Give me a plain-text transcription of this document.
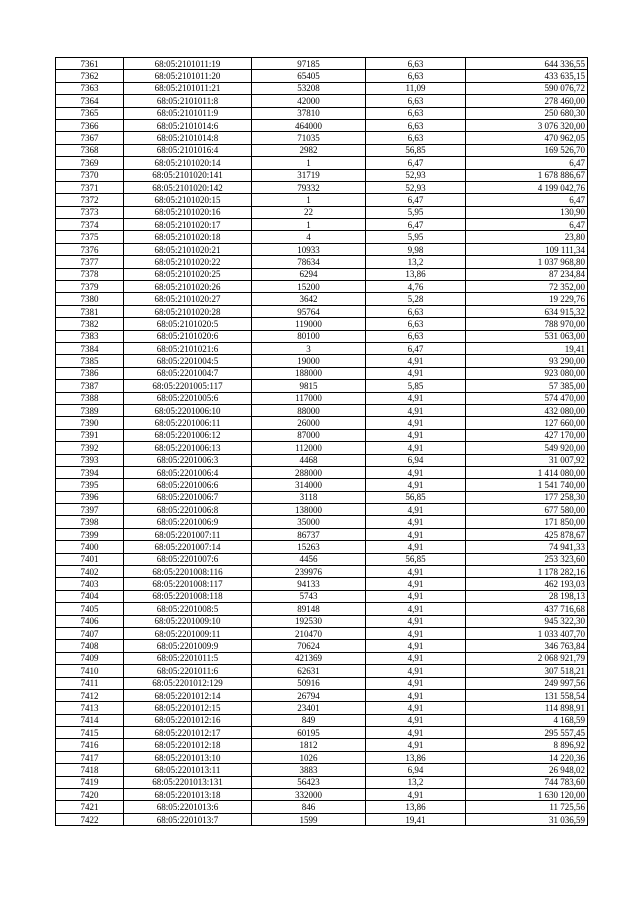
7361	68:05:2101011:19	97185	6,63	644 336,55
7362	68:05:2101011:20	65405	6,63	433 635,15
7363	68:05:2101011:21	53208	11,09	590 076,72
7364	68:05:2101011:8	42000	6,63	278 460,00
7365	68:05:2101011:9	37810	6,63	250 680,30
7366	68:05:2101014:6	464000	6,63	3 076 320,00
7367	68:05:2101014:8	71035	6,63	470 962,05
7368	68:05:2101016:4	2982	56,85	169 526,70
7369	68:05:2101020:14	1	6,47	6,47
7370	68:05:2101020:141	31719	52,93	1 678 886,67
7371	68:05:2101020:142	79332	52,93	4 199 042,76
7372	68:05:2101020:15	1	6,47	6,47
7373	68:05:2101020:16	22	5,95	130,90
7374	68:05:2101020:17	1	6,47	6,47
7375	68:05:2101020:18	4	5,95	23,80
7376	68:05:2101020:21	10933	9,98	109 111,34
7377	68:05:2101020:22	78634	13,2	1 037 968,80
7378	68:05:2101020:25	6294	13,86	87 234,84
7379	68:05:2101020:26	15200	4,76	72 352,00
7380	68:05:2101020:27	3642	5,28	19 229,76
7381	68:05:2101020:28	95764	6,63	634 915,32
7382	68:05:2101020:5	119000	6,63	788 970,00
7383	68:05:2101020:6	80100	6,63	531 063,00
7384	68:05:2101021:6	3	6,47	19,41
7385	68:05:2201004:5	19000	4,91	93 290,00
7386	68:05:2201004:7	188000	4,91	923 080,00
7387	68:05:2201005:117	9815	5,85	57 385,00
7388	68:05:2201005:6	117000	4,91	574 470,00
7389	68:05:2201006:10	88000	4,91	432 080,00
7390	68:05:2201006:11	26000	4,91	127 660,00
7391	68:05:2201006:12	87000	4,91	427 170,00
7392	68:05:2201006:13	112000	4,91	549 920,00
7393	68:05:2201006:3	4468	6,94	31 007,92
7394	68:05:2201006:4	288000	4,91	1 414 080,00
7395	68:05:2201006:6	314000	4,91	1 541 740,00
7396	68:05:2201006:7	3118	56,85	177 258,30
7397	68:05:2201006:8	138000	4,91	677 580,00
7398	68:05:2201006:9	35000	4,91	171 850,00
7399	68:05:2201007:11	86737	4,91	425 878,67
7400	68:05:2201007:14	15263	4,91	74 941,33
7401	68:05:2201007:6	4456	56,85	253 323,60
7402	68:05:2201008:116	239976	4,91	1 178 282,16
7403	68:05:2201008:117	94133	4,91	462 193,03
7404	68:05:2201008:118	5743	4,91	28 198,13
7405	68:05:2201008:5	89148	4,91	437 716,68
7406	68:05:2201009:10	192530	4,91	945 322,30
7407	68:05:2201009:11	210470	4,91	1 033 407,70
7408	68:05:2201009:9	70624	4,91	346 763,84
7409	68:05:2201011:5	421369	4,91	2 068 921,79
7410	68:05:2201011:6	62631	4,91	307 518,21
7411	68:05:2201012:129	50916	4,91	249 997,56
7412	68:05:2201012:14	26794	4,91	131 558,54
7413	68:05:2201012:15	23401	4,91	114 898,91
7414	68:05:2201012:16	849	4,91	4 168,59
7415	68:05:2201012:17	60195	4,91	295 557,45
7416	68:05:2201012:18	1812	4,91	8 896,92
7417	68:05:2201013:10	1026	13,86	14 220,36
7418	68:05:2201013:11	3883	6,94	26 948,02
7419	68:05:2201013:131	56423	13,2	744 783,60
7420	68:05:2201013:18	332000	4,91	1 630 120,00
7421	68:05:2201013:6	846	13,86	11 725,56
7422	68:05:2201013:7	1599	19,41	31 036,59
